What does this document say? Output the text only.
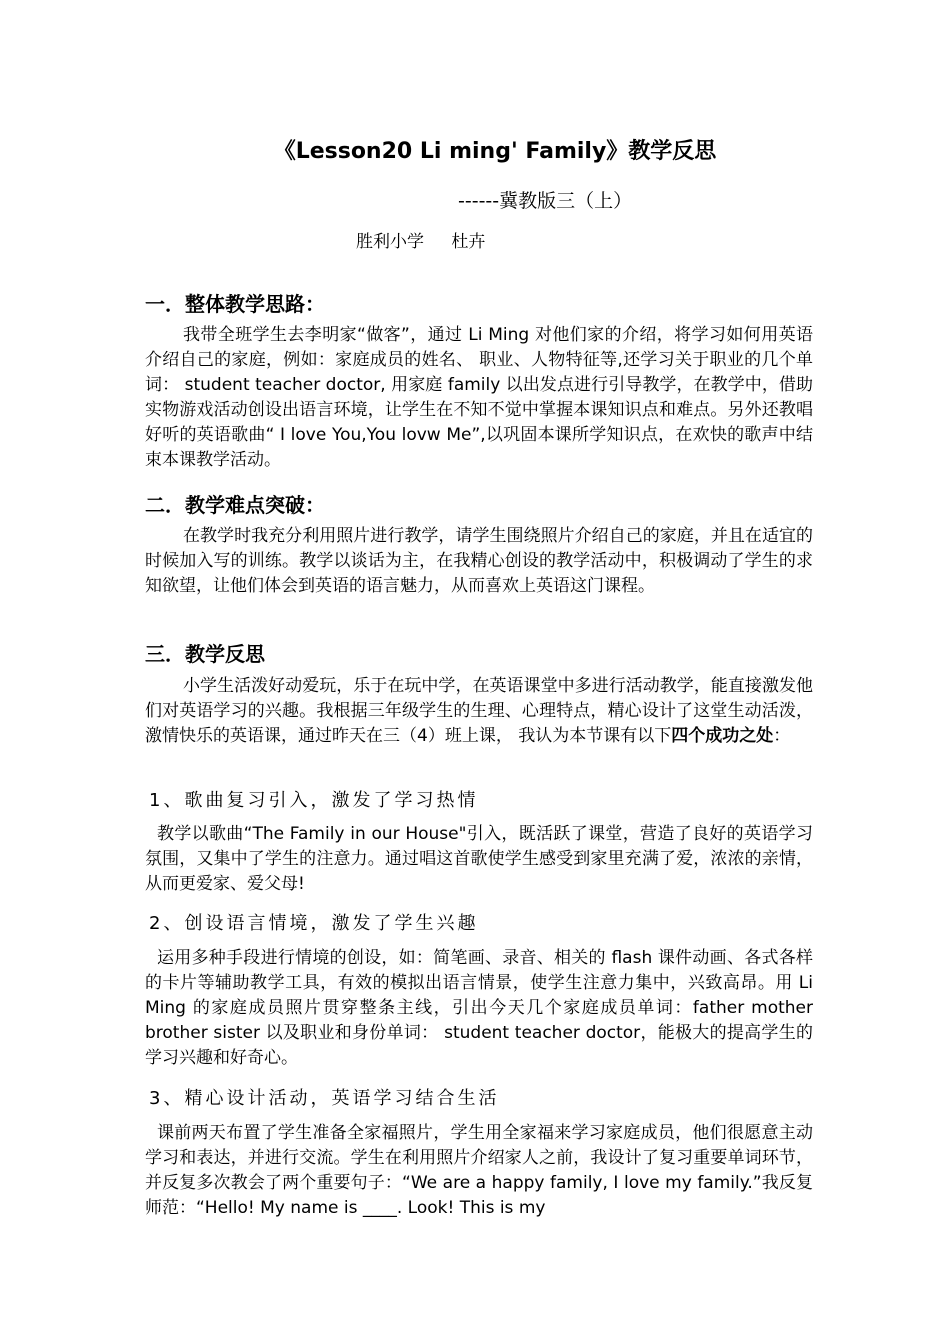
《Lesson20 Li ming' Family》教学反思
------冀教版三（上）
胜利小学 杜卉
一．整体教学思路：
我带全班学生去李明家“做客”，通过 Li Ming 对他们家的介绍，将学习如何用英语介绍自己的家庭，例如：家庭成员的姓名、 职业、人物特征等,还学习关于职业的几个单词： student teacher doctor, 用家庭 family 以出发点进行引导教学，在教学中，借助实物游戏活动创设出语言环境，让学生在不知不觉中掌握本课知识点和难点。另外还教唱好听的英语歌曲“ I love You,You lovw Me”,以巩固本课所学知识点，在欢快的歌声中结束本课教学活动。
二．教学难点突破：
在教学时我充分利用照片进行教学，请学生围绕照片介绍自己的家庭，并且在适宜的时候加入写的训练。教学以谈话为主，在我精心创设的教学活动中，积极调动了学生的求知欲望，让他们体会到英语的语言魅力，从而喜欢上英语这门课程。
三．教学反思
小学生活泼好动爱玩，乐于在玩中学，在英语课堂中多进行活动教学，能直接激发他们对英语学习的兴趣。我根据三年级学生的生理、心理特点，精心设计了这堂生动活泼，激情快乐的英语课，通过昨天在三（4）班上课， 我认为本节课有以下四个成功之处：
1、歌曲复习引入，激发了学习热情
教学以歌曲“The Family in our House"引入，既活跃了课堂，营造了良好的英语学习氛围，又集中了学生的注意力。通过唱这首歌使学生感受到家里充满了爱，浓浓的亲情，从而更爱家、爱父母!
2、创设语言情境，激发了学生兴趣
运用多种手段进行情境的创设，如：简笔画、录音、相关的 flash 课件动画、各式各样的卡片等辅助教学工具，有效的模拟出语言情景，使学生注意力集中，兴致高昂。用 Li Ming 的家庭成员照片贯穿整条主线，引出今天几个家庭成员单词：father mother brother sister 以及职业和身份单词： student teacher doctor，能极大的提高学生的学习兴趣和好奇心。
3、精心设计活动，英语学习结合生活
课前两天布置了学生准备全家福照片，学生用全家福来学习家庭成员，他们很愿意主动学习和表达，并进行交流。学生在利用照片介绍家人之前，我设计了复习重要单词环节，并反复多次教会了两个重要句子：“We are a happy family, I love my family.”我反复师范：“Hello! My name is ____. Look! This is my
